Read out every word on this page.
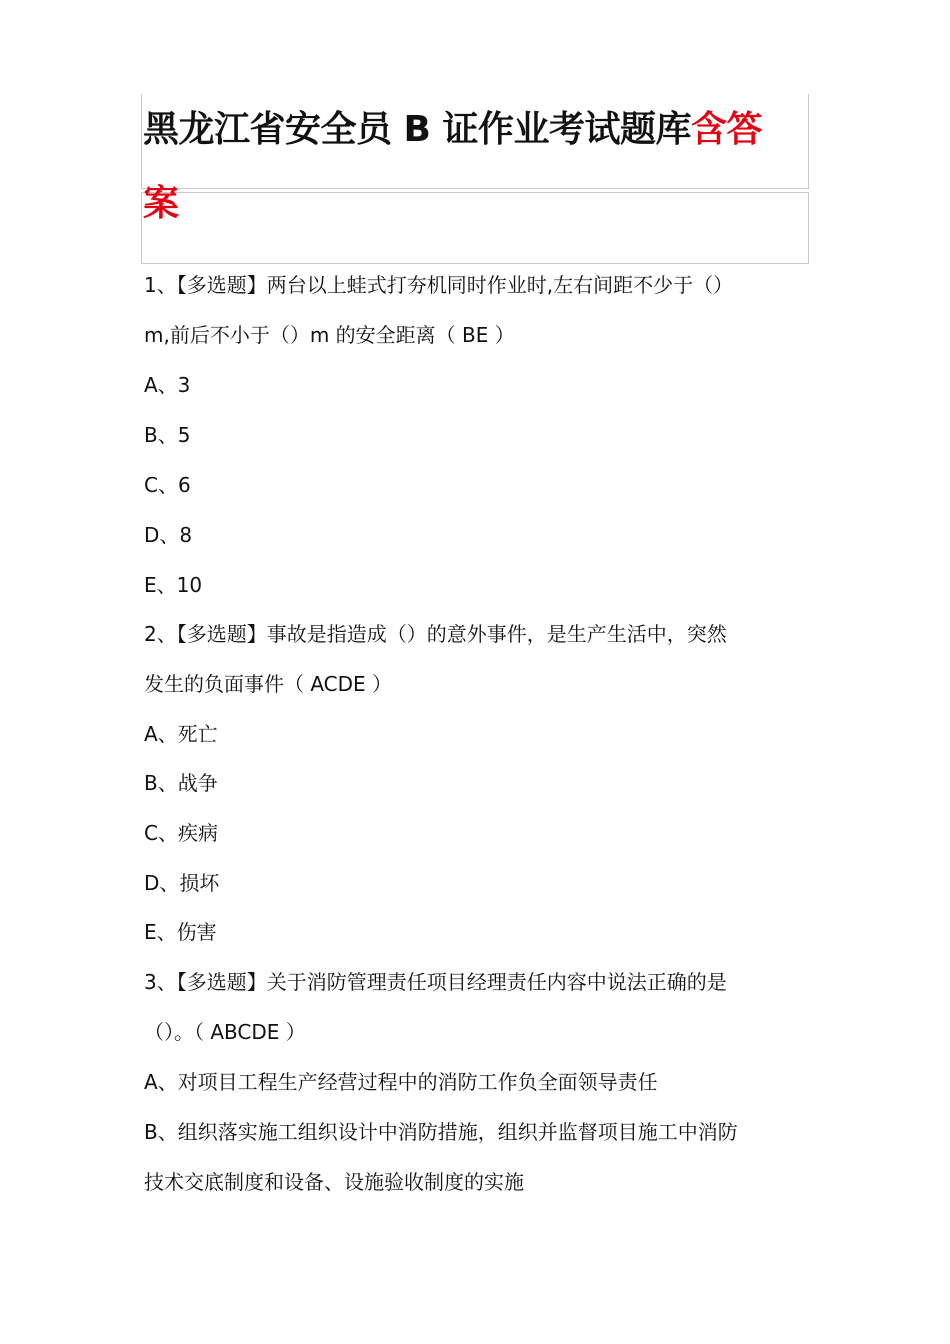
黑龙江省安全员 B 证作业考试题库含答
案
1、【多选题】两台以上蛙式打夯机同时作业时,左右间距不少于（）
m,前后不小于（）m 的安全距离（ BE ）
A、3
B、5
C、6
D、8
E、10
2、【多选题】事故是指造成（）的意外事件，是生产生活中，突然
发生的负面事件（ ACDE ）
A、死亡
B、战争
C、疾病
D、损坏
E、伤害
3、【多选题】关于消防管理责任项目经理责任内容中说法正确的是
（）。（ ABCDE ）
A、对项目工程生产经营过程中的消防工作负全面领导责任
B、组织落实施工组织设计中消防措施，组织并监督项目施工中消防
技术交底制度和设备、设施验收制度的实施
